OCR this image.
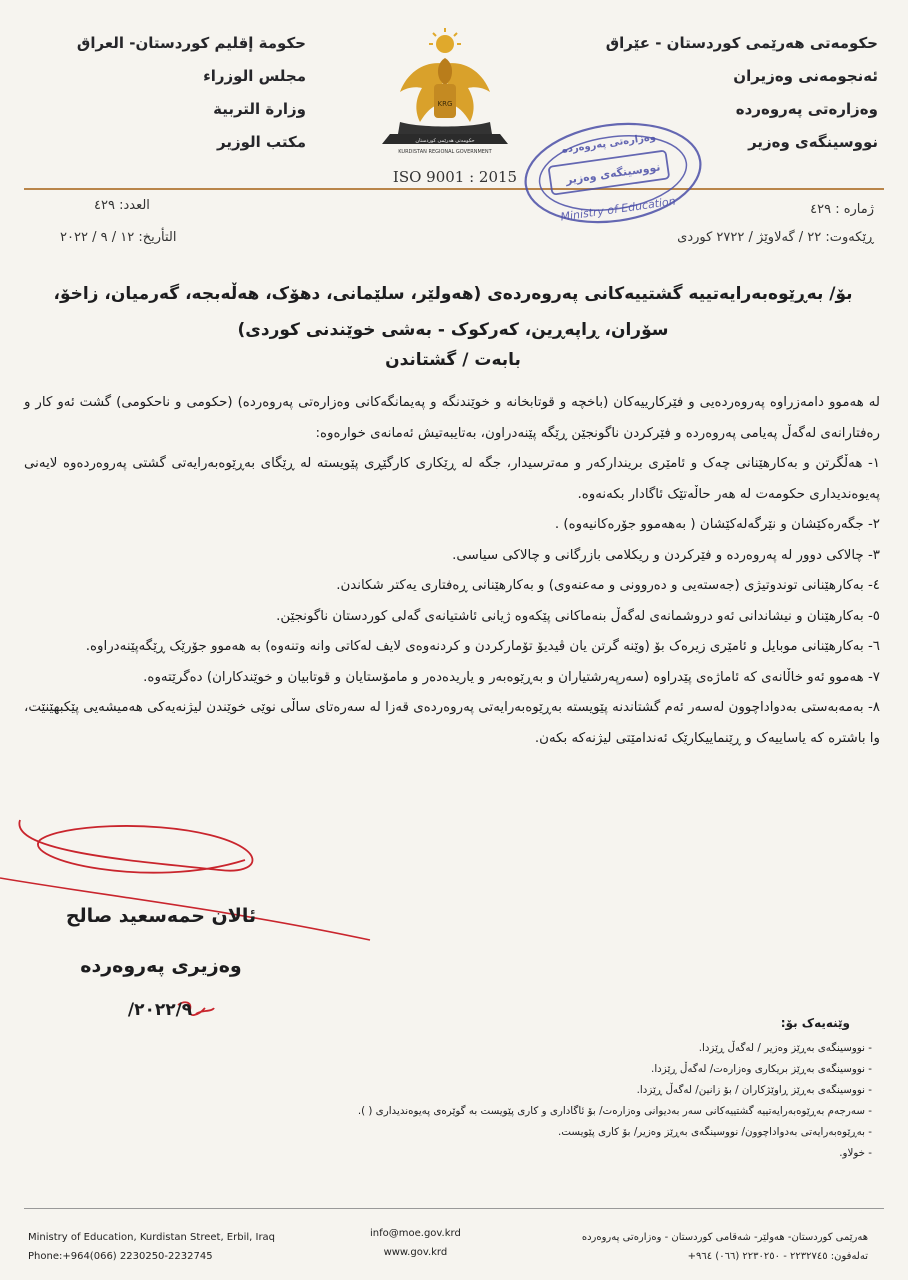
حکومەتی هەرێمی کوردستان - عێراق
ئەنجومەنی وەزیران
وەزارەتی پەروەردە
نووسینگەی وەزیر
حكومة إقليم كوردستان- العراق
مجلس الوزراء
وزارة التربية
مكتب الوزير
KRG
حکومەتی هەرێمی کوردستان
KURDISTAN REGIONAL GOVERNMENT
ISO 9001 : 2015
وەزارەتی پەروەردە
نووسینگەی وەزیر
Ministry of Education	ژمارە : ٤٢٩
ڕێکەوت: ٢٢ / گەلاوێژ / ٢٧٢٢ کوردی
العدد: ٤٢٩
التأريخ: ١٢ / ٩ / ٢٠٢٢
بۆ/ بەڕێوەبەرایەتییە گشتییەکانی پەروەردەی (هەولێر، سلێمانی، دهۆک، هەڵەبجە، گەرمیان، زاخۆ، سۆران، ڕاپەڕین، کەرکوک - بەشی خوێندنی کوردی)
بابەت / گشتاندن

لە هەموو دامەزراوە پەروەردەیی و فێرکارییەکان (باخچە و قوتابخانە و خوێندنگە و پەیمانگەکانی وەزارەتی پەروەردە) (حکومی و ناحکومی) گشت ئەو کار و رەفتارانەی لەگەڵ پەیامی پەروەردە و فێرکردن ناگونجێن ڕێگە پێنەدراون، بەتایبەتیش ئەمانەی خوارەوە:

١- هەڵگرتن و بەکارهێنانی چەک و ئامێری بریندارکەر و مەترسیدار، جگە لە ڕێکاری کارگێڕی پێویستە لە ڕێگای بەڕێوەبەرایەتی گشتی پەروەردەوە لایەنی پەیوەندیداری حکومەت لە هەر حاڵەتێک ئاگادار بکەنەوە.

٢- جگەرەکێشان و نێرگەلەکێشان ( بەهەموو جۆرەکانیەوە) .

٣- چالاکی دوور لە پەروەردە و فێرکردن و ریکلامی بازرگانی و چالاکی سیاسی.

٤- بەکارهێنانی توندوتیژی (جەستەیی و دەروونی و مەعنەوی) و بەکارهێنانی ڕەفتاری یەکتر شکاندن.

٥- بەکارهێنان و نیشاندانی ئەو دروشمانەی لەگەڵ بنەماکانی پێکەوە ژیانی ئاشتیانەی گەلی کوردستان ناگونجێن.

٦- بەکارهێنانی موبایل و ئامێری زیرەک بۆ (وێنە گرتن یان ڤیدیۆ تۆمارکردن و کردنەوەی لایف لەکاتی وانە وتنەوە) بە هەموو جۆرێک ڕێگەپێنەدراوە.

٧- هەموو ئەو خاڵانەی کە ئاماژەی پێدراوە (سەرپەرشتیاران و بەڕێوەبەر و یاریدەدەر و مامۆستایان و قوتابیان و خوێندکاران) دەگرێتەوە.

٨- بەمەبەستی بەدواداچوون لەسەر ئەم گشتاندنە پێویستە بەڕێوەبەرایەتی پەروەردەی قەزا لە سەرەتای ساڵی نوێی خوێندن لیژنەیەکی هەمیشەیی پێکبهێنێت، وا باشترە کە یاساییەک و ڕێنماییکارێک ئەندامێتی لیژنەکە بکەن.

ئالان حمەسعید صالح
وەزیری پەروەردە
٢٠٢٢/٩/
وێنەیەک بۆ:
- نووسینگەی بەڕێز وەزیر / لەگەڵ ڕێزدا.
- نووسینگەی بەڕێز بریکاری وەزارەت/ لەگەڵ ڕێزدا.
- نووسینگەی بەڕێز ڕاوێژکاران / بۆ زانین/ لەگەڵ ڕێزدا.
- سەرجەم بەڕێوەبەرایەتییە گشتییەکانی سەر بەدیوانی وەزارەت/ بۆ ئاگاداری و کاری پێویست بە گوێرەی پەیوەندیداری ( ).
- بەڕێوەبەرایەتی بەدواداچوون/ نووسینگەی بەڕێز وەزیر/ بۆ کاری پێویست.
- خولاو.
Ministry of Education, Kurdistan Street, Erbil, Iraq
Phone:+964(066) 2230250-2232745
info@moe.gov.krd
www.gov.krd
هەرێمی کوردستان- هەولێر- شەقامی کوردستان - وەزارەتی پەروەردە
تەلەفون: ٢٢٣٢٧٤٥ - ٢٢٣٠٢٥٠ (٠٦٦) ٩٦٤+
